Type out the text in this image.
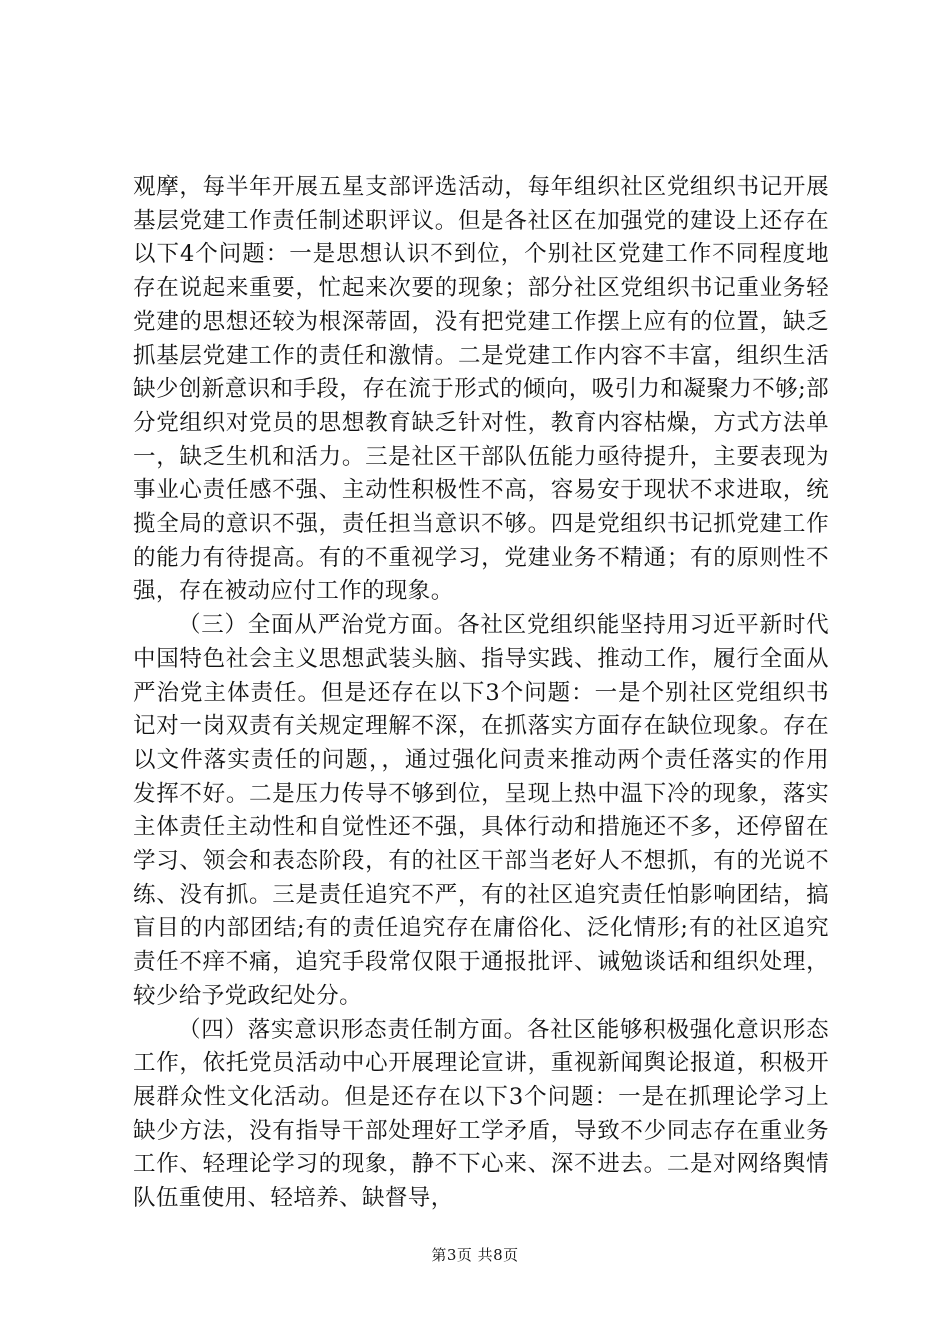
观摩，每半年开展五星支部评选活动，每年组织社区党组织书记开展基层党建工作责任制述职评议。但是各社区在加强党的建设上还存在以下4个问题：一是思想认识不到位，个别社区党建工作不同程度地存在说起来重要，忙起来次要的现象；部分社区党组织书记重业务轻党建的思想还较为根深蒂固，没有把党建工作摆上应有的位置，缺乏抓基层党建工作的责任和激情。二是党建工作内容不丰富，组织生活缺少创新意识和手段，存在流于形式的倾向，吸引力和凝聚力不够;部分党组织对党员的思想教育缺乏针对性，教育内容枯燥，方式方法单一，缺乏生机和活力。三是社区干部队伍能力亟待提升，主要表现为事业心责任感不强、主动性积极性不高，容易安于现状不求进取，统揽全局的意识不强，责任担当意识不够。四是党组织书记抓党建工作的能力有待提高。有的不重视学习，党建业务不精通；有的原则性不强，存在被动应付工作的现象。

（三）全面从严治党方面。各社区党组织能坚持用习近平新时代中国特色社会主义思想武装头脑、指导实践、推动工作，履行全面从严治党主体责任。但是还存在以下3个问题：一是个别社区党组织书记对一岗双责有关规定理解不深，在抓落实方面存在缺位现象。存在以文件落实责任的问题，，通过强化问责来推动两个责任落实的作用发挥不好。二是压力传导不够到位，呈现上热中温下冷的现象，落实主体责任主动性和自觉性还不强，具体行动和措施还不多，还停留在学习、领会和表态阶段，有的社区干部当老好人不想抓，有的光说不练、没有抓。三是责任追究不严，有的社区追究责任怕影响团结，搞盲目的内部团结;有的责任追究存在庸俗化、泛化情形;有的社区追究责任不痒不痛，追究手段常仅限于通报批评、诫勉谈话和组织处理，较少给予党政纪处分。

（四）落实意识形态责任制方面。各社区能够积极强化意识形态工作，依托党员活动中心开展理论宣讲，重视新闻舆论报道，积极开展群众性文化活动。但是还存在以下3个问题：一是在抓理论学习上缺少方法，没有指导干部处理好工学矛盾，导致不少同志存在重业务工作、轻理论学习的现象，静不下心来、深不进去。二是对网络舆情队伍重使用、轻培养、缺督导，

第3页 共8页
